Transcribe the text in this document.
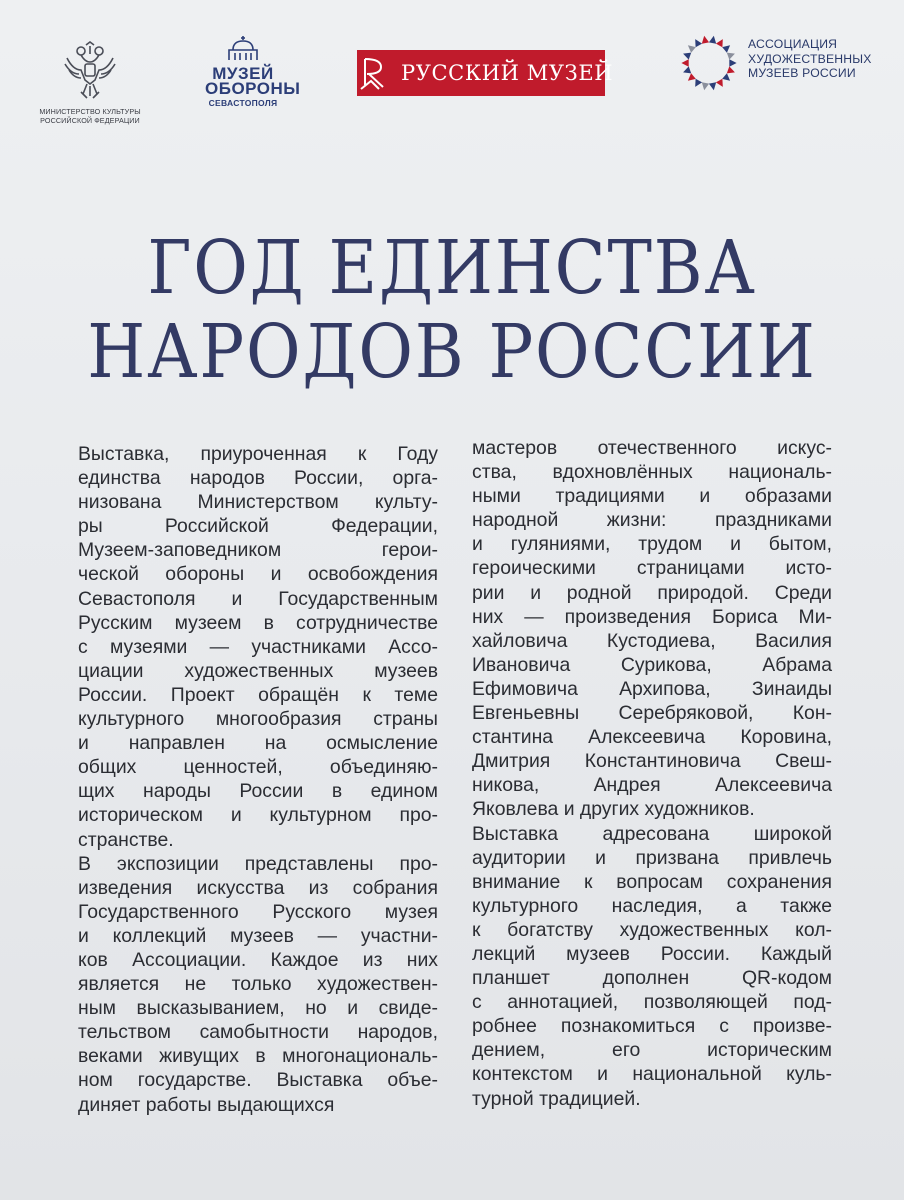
МИНИСТЕРСТВО КУЛЬТУРЫ
РОССИЙСКОЙ ФЕДЕРАЦИИ
МУЗЕЙ
ОБОРОНЫ
СЕВАСТОПОЛЯ
РУССКИЙ МУЗЕЙ
АССОЦИАЦИЯ
ХУДОЖЕСТВЕННЫХ
МУЗЕЕВ РОССИИ
ГОД ЕДИНСТВА
НАРОДОВ РОССИИ
Выставка, приуроченная к Году
единства народов России, орга-
низована Министерством культу-
ры Российской Федерации,
Музеем-заповедником герои-
ческой обороны и освобождения
Севастополя и Государственным
Русским музеем в сотрудничестве
с музеями — участниками Ассо-
циации художественных музеев
России. Проект обращён к теме
культурного многообразия страны
и направлен на осмысление
общих ценностей, объединяю-
щих народы России в едином
историческом и культурном про-
странстве.
В экспозиции представлены про-
изведения искусства из собрания
Государственного Русского музея
и коллекций музеев — участни-
ков Ассоциации. Каждое из них
является не только художествен-
ным высказыванием, но и свиде-
тельством самобытности народов,
веками живущих в многонациональ-
ном государстве. Выставка объе-
диняет работы выдающихся
мастеров отечественного искус-
ства, вдохновлённых националь-
ными традициями и образами
народной жизни: праздниками
и гуляниями, трудом и бытом,
героическими страницами исто-
рии и родной природой. Среди
них — произведения Бориса Ми-
хайловича Кустодиева, Василия
Ивановича Сурикова, Абрама
Ефимовича Архипова, Зинаиды
Евгеньевны Серебряковой, Кон-
стантина Алексеевича Коровина,
Дмитрия Константиновича Свеш-
никова, Андрея Алексеевича
Яковлева и других художников.
Выставка адресована широкой
аудитории и призвана привлечь
внимание к вопросам сохранения
культурного наследия, а также
к богатству художественных кол-
лекций музеев России. Каждый
планшет дополнен QR-кодом
с аннотацией, позволяющей под-
робнее познакомиться с произве-
дением, его историческим
контекстом и национальной куль-
турной традицией.
